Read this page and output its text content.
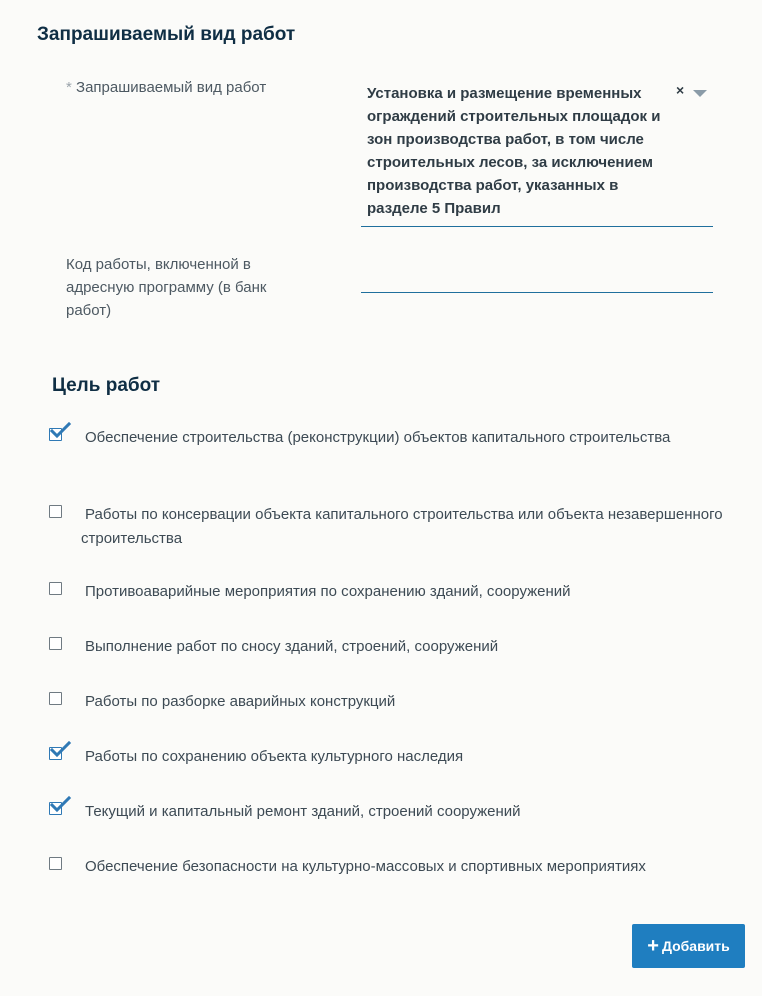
Запрашиваемый вид работ
* Запрашиваемый вид работ	Установка и размещение временных ограждений строительных площадок и зон производства работ, в том числе строительных лесов, за исключением производства работ, указанных в разделе 5 Правил
×
Код работы, включенной в адресную программу (в банк работ)
Цель работ
Обеспечение строительства (реконструкции) объектов капитального строительства
Работы по консервации объекта капитального строительства или объекта незавершенного строительства
Противоаварийные мероприятия по сохранению зданий, сооружений
Выполнение работ по сносу зданий, строений, сооружений
Работы по разборке аварийных конструкций
Работы по сохранению объекта культурного наследия
Текущий и капитальный ремонт зданий, строений сооружений
Обеспечение безопасности на культурно-массовых и спортивных мероприятиях
+ Добавить
